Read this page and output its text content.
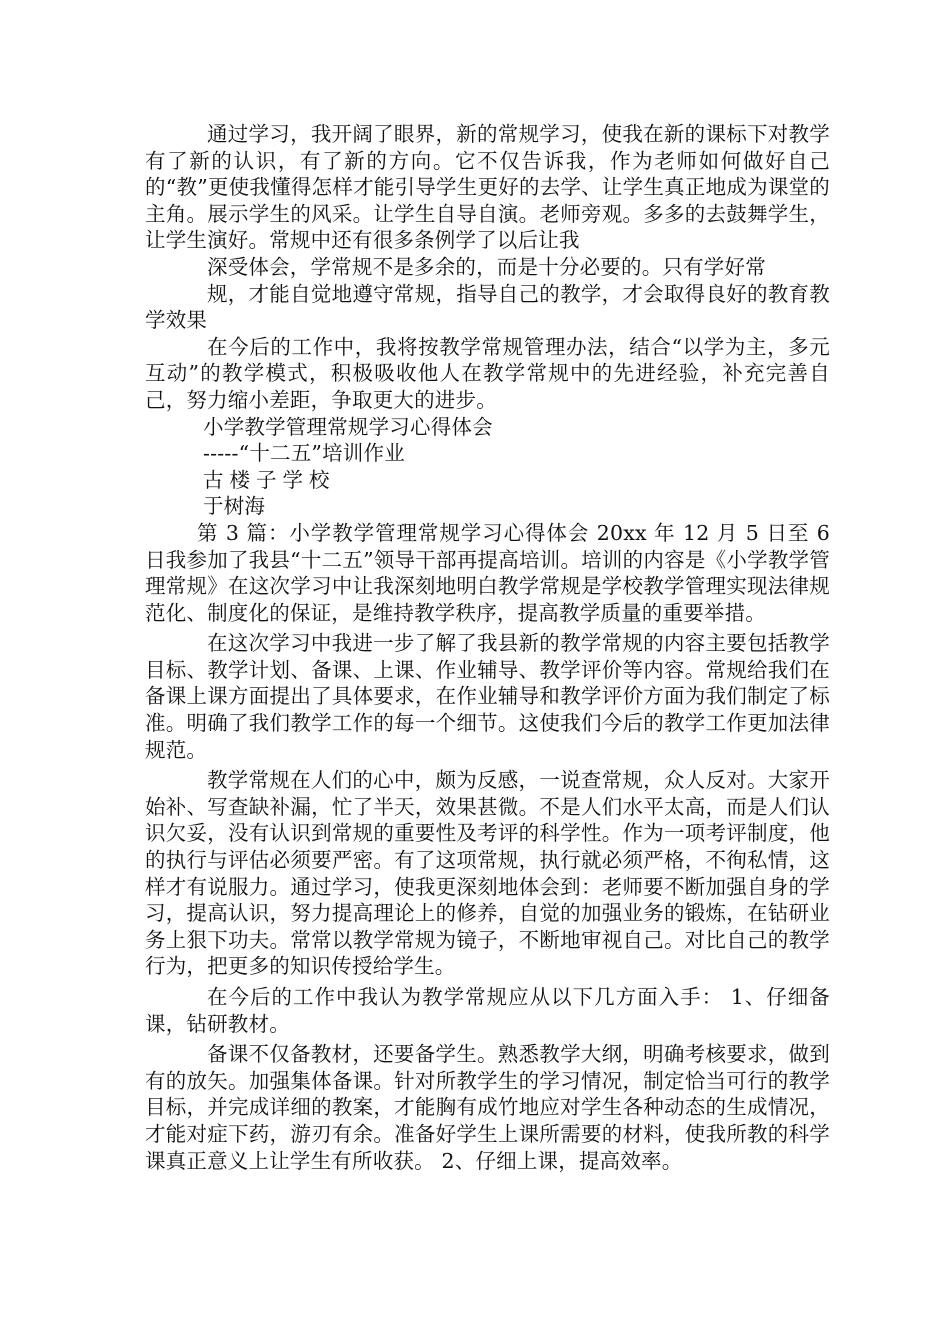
通过学习，我开阔了眼界，新的常规学习，使我在新的课标下对教学有了新的认识，有了新的方向。它不仅告诉我，作为老师如何做好自己的“教”更使我懂得怎样才能引导学生更好的去学、让学生真正地成为课堂的主角。展示学生的风采。让学生自导自演。老师旁观。多多的去鼓舞学生，让学生演好。常规中还有很多条例学了以后让我

深受体会，学常规不是多余的，而是十分必要的。只有学好常

规，才能自觉地遵守常规，指导自己的教学，才会取得良好的教育教学效果

在今后的工作中，我将按教学常规管理办法，结合“以学为主，多元互动”的教学模式，积极吸收他人在教学常规中的先进经验，补充完善自己，努力缩小差距，争取更大的进步。

小学教学管理常规学习心得体会

-----“十二五”培训作业

古楼子学校

于树海

第 3 篇：小学教学管理常规学习心得体会 20xx 年 12 月 5 日至 6 日我参加了我县“十二五”领导干部再提高培训。培训的内容是《小学教学管理常规》在这次学习中让我深刻地明白教学常规是学校教学管理实现法律规范化、制度化的保证，是维持教学秩序，提高教学质量的重要举措。

在这次学习中我进一步了解了我县新的教学常规的内容主要包括教学目标、教学计划、备课、上课、作业辅导、教学评价等内容。常规给我们在备课上课方面提出了具体要求，在作业辅导和教学评价方面为我们制定了标准。明确了我们教学工作的每一个细节。这使我们今后的教学工作更加法律规范。

教学常规在人们的心中，颇为反感，一说查常规，众人反对。大家开始补、写查缺补漏，忙了半天，效果甚微。不是人们水平太高，而是人们认识欠妥，没有认识到常规的重要性及考评的科学性。作为一项考评制度，他的执行与评估必须要严密。有了这项常规，执行就必须严格，不徇私情，这样才有说服力。通过学习，使我更深刻地体会到：老师要不断加强自身的学习，提高认识，努力提高理论上的修养，自觉的加强业务的锻炼，在钻研业务上狠下功夫。常常以教学常规为镜子，不断地审视自己。对比自己的教学行为，把更多的知识传授给学生。

在今后的工作中我认为教学常规应从以下几方面入手： 1、仔细备课，钻研教材。

备课不仅备教材，还要备学生。熟悉教学大纲，明确考核要求，做到有的放矢。加强集体备课。针对所教学生的学习情况，制定恰当可行的教学目标，并完成详细的教案，才能胸有成竹地应对学生各种动态的生成情况，才能对症下药，游刃有余。准备好学生上课所需要的材料，使我所教的科学课真正意义上让学生有所收获。 2、仔细上课，提高效率。
